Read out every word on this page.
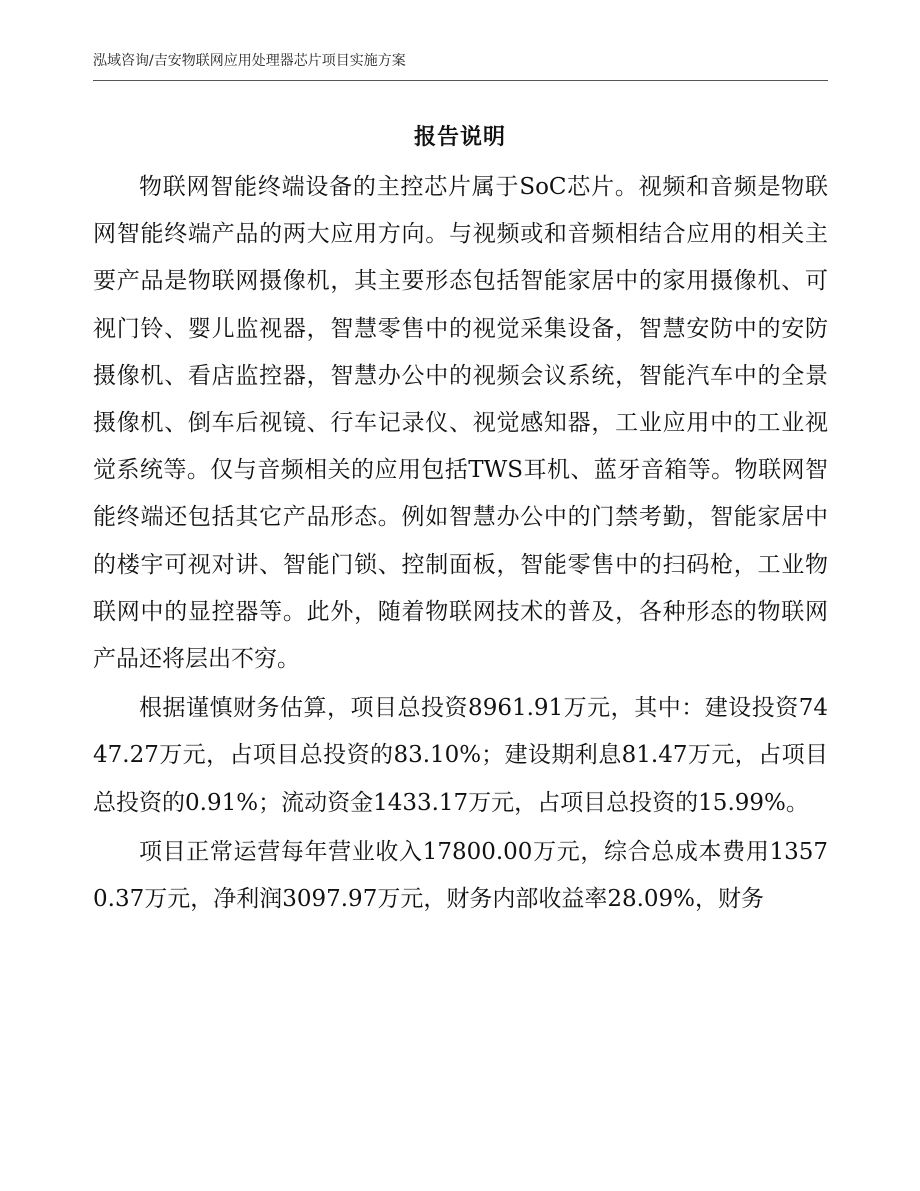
泓域咨询/吉安物联网应用处理器芯片项目实施方案
报告说明

物联网智能终端设备的主控芯片属于SoC芯片。视频和音频是物联网智能终端产品的两大应用方向。与视频或和音频相结合应用的相关主要产品是物联网摄像机，其主要形态包括智能家居中的家用摄像机、可视门铃、婴儿监视器，智慧零售中的视觉采集设备，智慧安防中的安防摄像机、看店监控器，智慧办公中的视频会议系统，智能汽车中的全景摄像机、倒车后视镜、行车记录仪、视觉感知器，工业应用中的工业视觉系统等。仅与音频相关的应用包括TWS耳机、蓝牙音箱等。物联网智能终端还包括其它产品形态。例如智慧办公中的门禁考勤，智能家居中的楼宇可视对讲、智能门锁、控制面板，智能零售中的扫码枪，工业物联网中的显控器等。此外，随着物联网技术的普及，各种形态的物联网产品还将层出不穷。

根据谨慎财务估算，项目总投资8961.91万元，其中：建设投资7447.27万元，占项目总投资的83.10%；建设期利息81.47万元，占项目总投资的0.91%；流动资金1433.17万元，占项目总投资的15.99%。

项目正常运营每年营业收入17800.00万元，综合总成本费用13570.37万元，净利润3097.97万元，财务内部收益率28.09%，财务
